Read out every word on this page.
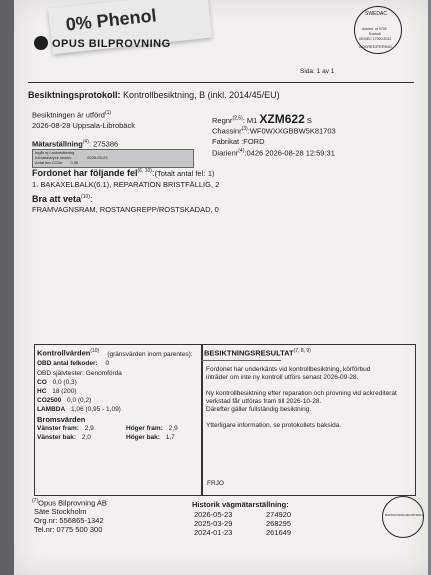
0% Phenol
OPUS BILPROVNING
SWEDAC
Ackred. nr 9702
Kontroll
ISO/IEC 17020:2012
ACKREDITERING
Sida: 1 av 1
Besiktningsprotokoll: Kontrollbesiktning, B (inkl. 2014/45/EU)
Besiktningen är utförd$^{(1)}$
2026-08-28 Uppsala-Librobäck
Regnr$^{(2,5)}$: M1 XZM622 S
Chassinr$^{(3)}$:WF0WXXGBBW5K81703
Fabrikat :FORD
Diarienr$^{(4)}$:0426 2026-08-28 12:59:31
Mätarställning$^{(4)}$: 275386
Ingår ej i ackreditering
Klimatavtryck sedan:	2026-05-23
Antal km CO2e: 0,39
Fordonet har följande fel$^{(6, 10)}$:(Totalt antal fel: 1)
1. BAKAXELBALK(6.1), REPARATION BRISTFÄLLIG, 2
Bra att veta$^{(10)}$:
FRAMVAGNSRAM, ROSTANGREPP/ROSTSKADAD, 0
Kontrollvärden$^{(10)}$ (gränsvärden inom parentes):
OBD antal felkoder: 0
OBD självtester: Genomförda
CO 0,0 (0,3)
HC 18 (200)
CO2500 0,0 (0,2)
LAMBDA 1,06 (0,95 - 1,09)
Bromsvärden
Vänster fram: 2,9	Höger fram: 2,9
Vänster bak: 2,0	Höger bak: 1,7
BESIKTNINGSRESULTAT$^{(7, 8, 9)}$
Fordonet har underkänts vid kontrollbesiktning, körförbud
inträder om inte ny kontroll utförs senast 2026-09-28.
Ny kontrollbesiktning efter reparation och provning vid ackrediterat
verkstad får utföras fram till 2026-10-28.
Därefter gäller fullständig besiktning.
Ytterligare information, se protokollets baksida.
FRJO
$^{(7)}$Opus Bilprovning AB
Säte Stockholm
Org.nr: 556865-1342
Tel.nr: 0775 500 300
Historik vägmätarställning:
2026-05-23	274920
2025-03-29	268295
2024-01-23	261649
BILPROVNINGSKONTROLL
